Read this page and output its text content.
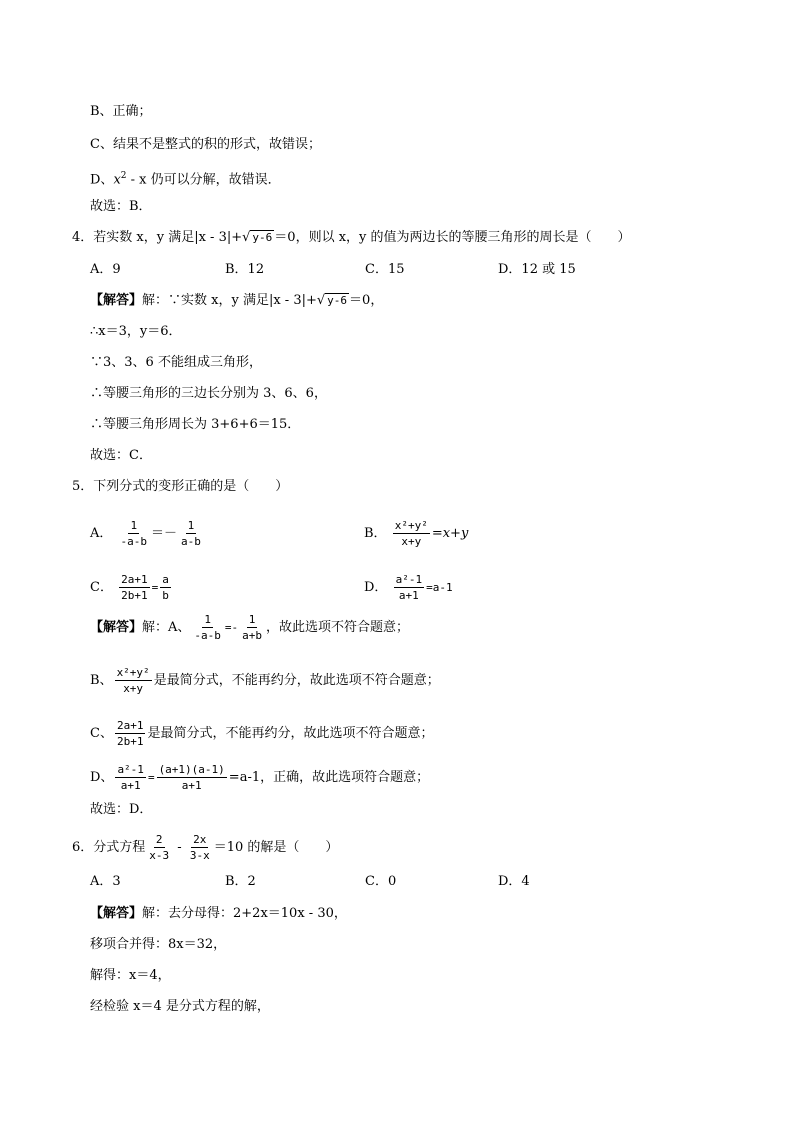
B、正确；
C、结果不是整式的积的形式，故错误；
D、$x^2$ - x 仍可以分解，故错误．
故选：B．
4．若实数 x，y 满足|x - 3|+√ y-6 ＝0，则以 x，y 的值为两边长的等腰三角形的周长是（　　）
A．9	B．12	C．15	D．12 或 15
【解答】解：∵实数 x，y 满足|x - 3|+√ y-6 ＝0，
∴x＝3，y＝6．
∵3、3、6 不能组成三角形，
∴等腰三角形的三边长分别为 3、6、6，
∴等腰三角形周长为 3+6+6＝15．
故选：C．
5．下列分式的变形正确的是（　　）
A． $\frac{1}{-a-b} =- \frac{1}{a-b}$	B． $\frac{\text{x²+y²}}{x+y} =x+y$
C． $\frac{2a+1}{2b+1} = \frac{a}{b}$	D． $\frac{\text{a²-1}}{a+1} =a-1$
【解答】解：A、 $\frac{1}{-a-b} =- \frac{1}{a+b}$ ，故此选项不符合题意；
B、 $\frac{\text{x²+y²}}{x+y}$ 是最简分式，不能再约分，故此选项不符合题意；
C、 $\frac{2a+1}{2b+1}$ 是最简分式，不能再约分，故此选项不符合题意；
D、 $\frac{\text{a²-1}}{a+1} = \frac{(a+1)(a-1)}{a+1} =a-1$，正确，故此选项符合题意；
故选：D．
6．分式方程 $\frac{2}{x-3} - \frac{2x}{3-x} =10$ 的解是（　　）
A．3	B．2	C．0	D．4
【解答】解：去分母得：2+2x＝10x - 30，
移项合并得：8x＝32，
解得：x＝4，
经检验 x＝4 是分式方程的解，
